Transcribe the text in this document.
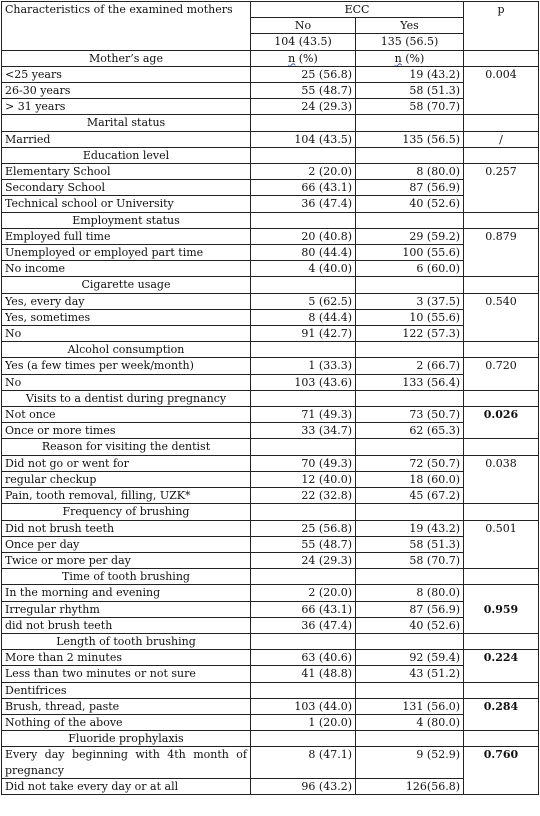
Characteristics of the examined mothers	ECC		p
	No	Yes	
	104 (43.5)	135 (56.5)	
Mother’s age	n (%)	n (%)	
<25 years	25 (56.8)	19 (43.2)	0.004
26-30 years	55 (48.7)	58 (51.3)	
> 31 years	24 (29.3)	58 (70.7)	
Marital status			
Married	104 (43.5)	135 (56.5)	/
Education level			
Elementary School	2 (20.0)	8 (80.0)	0.257
Secondary School	66 (43.1)	87 (56.9)	
Technical school or University	36 (47.4)	40 (52.6)	
Employment status			
Employed full time	20 (40.8)	29 (59.2)	0.879
Unemployed or employed part time	80 (44.4)	100 (55.6)	
No income	4 (40.0)	6 (60.0)	
Cigarette usage			
Yes, every day	5 (62.5)	3 (37.5)	0.540
Yes, sometimes	8 (44.4)	10 (55.6)	
No	91 (42.7)	122 (57.3)	
Alcohol consumption			
Yes (a few times per week/month)	1 (33.3)	2 (66.7)	0.720
No	103 (43.6)	133 (56.4)	
Visits to a dentist during pregnancy			
Not once	71 (49.3)	73 (50.7)	0.026
Once or more times	33 (34.7)	62 (65.3)	
Reason for visiting the dentist			
Did not go or went for	70 (49.3)	72 (50.7)	0.038
regular checkup	12 (40.0)	18 (60.0)	
Pain, tooth removal, filling, UZK*	22 (32.8)	45 (67.2)	
Frequency of brushing			
Did not brush teeth	25 (56.8)	19 (43.2)	0.501
Once per day	55 (48.7)	58 (51.3)	
Twice or more per day	24 (29.3)	58 (70.7)	
Time of tooth brushing			
In the morning and evening	2 (20.0)	8 (80.0)	0.959
Irregular rhythm	66 (43.1)	87 (56.9)	
did not brush teeth	36 (47.4)	40 (52.6)	
Length of tooth brushing			
More than 2 minutes	63 (40.6)	92 (59.4)	0.224
Less than two minutes or not sure	41 (48.8)	43 (51.2)	
Dentifrices			
Brush, thread, paste	103 (44.0)	131 (56.0)	0.284
Nothing of the above	1 (20.0)	4 (80.0)	
Fluoride prophylaxis			
Every day beginning with 4th month of pregnancy	8 (47.1)	9 (52.9)	0.760
Did not take every day or at all	96 (43.2)	126(56.8)	
